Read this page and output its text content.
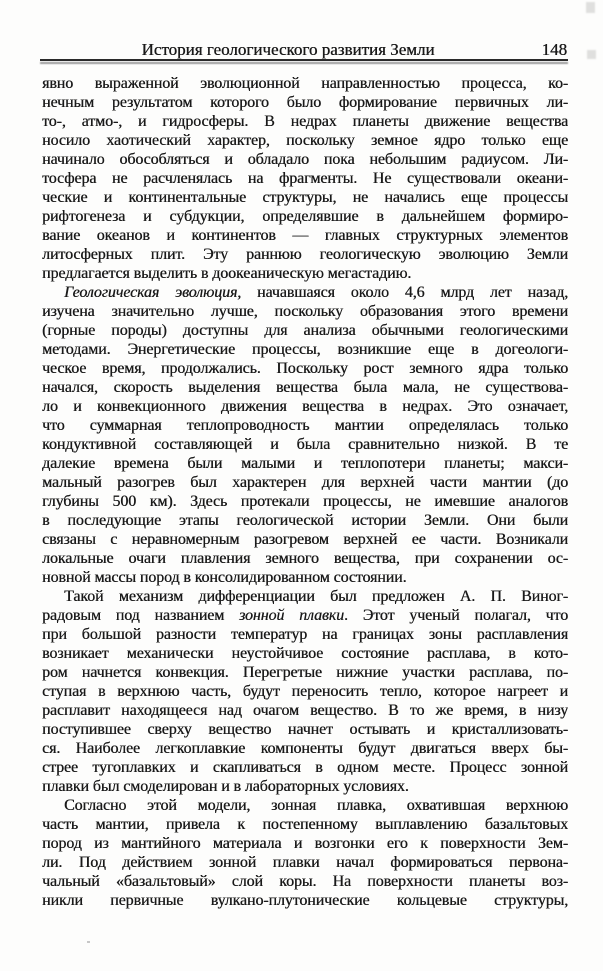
История геологического развития Земли	148
явно выраженной эволюционной направленностью процесса, ко-
нечным результатом которого было формирование первичных ли-
то-, атмо-, и гидросферы. В недрах планеты движение вещества
носило хаотический характер, поскольку земное ядро только еще
начинало обособляться и обладало пока небольшим радиусом. Ли-
тосфера не расчленялась на фрагменты. Не существовали океани-
ческие и континентальные структуры, не начались еще процессы
рифтогенеза и субдукции, определявшие в дальнейшем формиро-
вание океанов и континентов — главных структурных элементов
литосферных плит. Эту раннюю геологическую эволюцию Земли
предлагается выделить в доокеаническую мегастадию.
Геологическая эволюция, начавшаяся около 4,6 млрд лет назад,
изучена значительно лучше, поскольку образования этого времени
(горные породы) доступны для анализа обычными геологическими
методами. Энергетические процессы, возникшие еще в догеологи-
ческое время, продолжались. Поскольку рост земного ядра только
начался, скорость выделения вещества была мала, не существова-
ло и конвекционного движения вещества в недрах. Это означает,
что суммарная теплопроводность мантии определялась только
кондуктивной составляющей и была сравнительно низкой. В те
далекие времена были малыми и теплопотери планеты; макси-
мальный разогрев был характерен для верхней части мантии (до
глубины 500 км). Здесь протекали процессы, не имевшие аналогов
в последующие этапы геологической истории Земли. Они были
связаны с неравномерным разогревом верхней ее части. Возникали
локальные очаги плавления земного вещества, при сохранении ос-
новной массы пород в консолидированном состоянии.
Такой механизм дифференциации был предложен А. П. Виног-
радовым под названием зонной плавки. Этот ученый полагал, что
при большой разности температур на границах зоны расплавления
возникает механически неустойчивое состояние расплава, в кото-
ром начнется конвекция. Перегретые нижние участки расплава, по-
ступая в верхнюю часть, будут переносить тепло, которое нагреет и
расплавит находящееся над очагом вещество. В то же время, в низу
поступившее сверху вещество начнет остывать и кристаллизовать-
ся. Наиболее легкоплавкие компоненты будут двигаться вверх бы-
стрее тугоплавких и скапливаться в одном месте. Процесс зонной
плавки был смоделирован и в лабораторных условиях.
Согласно этой модели, зонная плавка, охватившая верхнюю
часть мантии, привела к постепенному выплавлению базальтовых
пород из мантийного материала и возгонки его к поверхности Зем-
ли. Под действием зонной плавки начал формироваться первона-
чальный «базальтовый» слой коры. На поверхности планеты воз-
никли первичные вулкано-плутонические кольцевые структуры,
